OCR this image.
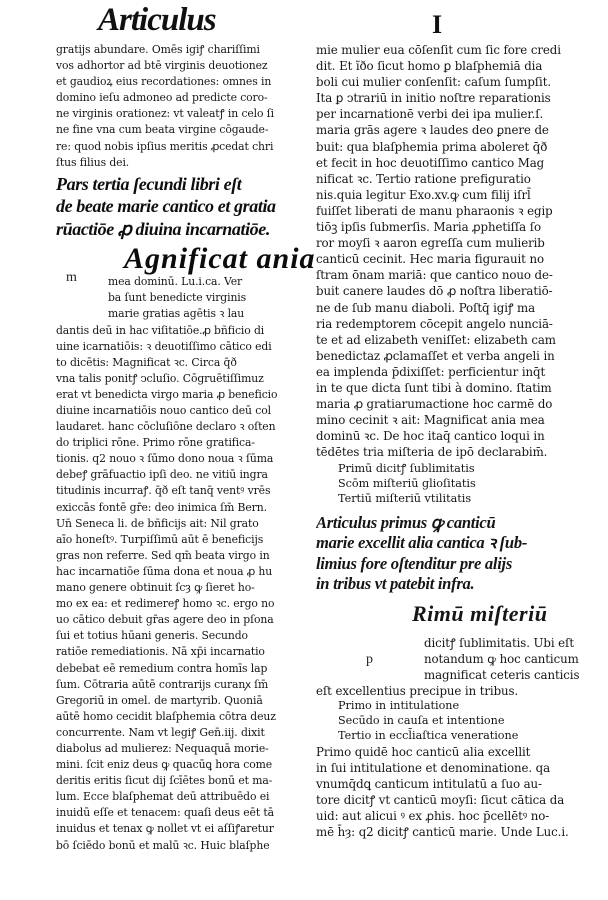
Articulus	I
gratijs abundare. Omēs igiꝭ chariſſimi
vos adhortor ad btē virginis deuotionez
et gaudioꝝ eius recordationes: omnes in
domino ieſu admoneo ad predicte coro-
ne virginis orationez: vt valeatꝭ in celo ſi
ne fine vna cum beata virgine cōgaude-
re: quod nobis ipſius meritis ꝓcedat chri
ſtus filius dei.
Pars tertia ſecundi libri eſt
de beate marie cantico et gratia
rūactiōe ꝓ diuina incarnatiōe.
Agnificat ania
mea dominū. Lu.i.ca. Ver
ba ſunt benedicte virginis
marie gratias agētis ꝛ lau
dantis deū in hac viſitatiōe.ꝓ bñficio di
uine icarnatiōis: ꝛ deuotiſſimo cātico edi
to dicētis: Magnificat ꝛc. Circa q̄ð
vna talis ponitꝭ ↄcluſio. Cōgruētiſſimuz
erat vt benedicta virgo maria ꝓ beneficio
diuine incarnatiōis nouo cantico deū col
laudaret. hanc cōcluſiōne declaro ꝛ oſten
do triplici rōne. Primo rōne gratifica-
tionis. q2 nouo ꝛ ſūmo dono noua ꝛ ſūma
debeꝭ grāfuactio ipſi deo. ne vitiū ingra
titudinis incurraꝭ. q̄ð eſt tanq̄ ventꝰ vrēs
exiccās fontē gr̄e: deo inimica ſm̄ Bern.
Un̄ Seneca li. de bñficijs ait: Nil grato
aīo honeſtꝰ. Turpiſſimū aūt ē beneficijs
gras non referre. Sed qm̄ beata virgo in
hac incarnatiōe ſūma dona et noua ꝓ hu
mano genere obtinuit ſcȝ ꝙ ſieret ho-
mo ex ea: et redimereꝭ homo ꝛc. ergo no
uo cātico debuit gr̄as agere deo in pſona
ſui et totius hūani generis. Secundo
ratiōe remediationis. Nā xp̄i incarnatio
debebat eē remedium contra homīs lap
ſum. Cōtraria aūtē contrarijs curanꭗ ſm̄
Gregoriū in omel. de martyrib. Quoniā
aūtē homo cecidit blaſphemia cōtra deuz
concurrente. Nam vt legiꝭ Gen̄.iij. dixit
diabolus ad mulierez: Nequaquā morie-
mini. ſcit eniz deus ꝙ quacūꝗ hora come
deritis eritis ſicut dij ſcīētes bonū et ma-
lum. Ecce blaſphemat deū attribuēdo ei
inuidū eſſe et tenacem: quaſi deus eēt tā
inuidus et tenax ꝙ nollet vt ei aſſiꝭaretur
bō ſciēdo bonū et malū ꝛc. Huic blaſphe
m
mie mulier eua cōſenſit cum ſic fore credi
dit. Et ĩðo ſicut homo ꝑ blaſphemiā dia
boli cui mulier conſenſit: caſum ſumpſit.
Ita ꝑ ↄtrariū in initio noſtre reparationis
per incarnationē verbi dei ipa mulier.ſ.
maria grās agere ꝛ laudes deo ꝑnere de
buit: qua blaſphemia prima aboleret q̄ð
et fecit in hoc deuotiſſimo cantico Mag
nificat ꝛc. Tertio ratione prefiguratio
nis.quia legitur Exo.xv.ꝙ cum filij iſrl̄
fuiſſet liberati de manu pharaonis ꝛ egip
tiōꝫ ipſis ſubmerſis. Maria ꝓphetiſſa ſo
ror moyſi ꝛ aaron egreſſa cum mulierib
canticū cecinit. Hec maria figurauit no
ſtram ōnam mariā: que cantico nouo de-
buit canere laudes dō ꝓ noſtra liberatiō-
ne de ſub manu diaboli. Poſtq̄ igiꝭ ma
ria redemptorem cōcepit angelo nunciā-
te et ad elizabeth veniſſet: elizabeth cam
benedictaz ꝓclamaſſet et verba angeli in
ea implenda p̄dixiſſet: perficientur inq̄t
in te que dicta ſunt tibi à domino. ſtatim
maria ꝓ gratiarumactione hoc carmē do
mino cecinit ꝛ ait: Magnificat ania mea
dominū ꝛc. De hoc itaq̄ cantico loqui in
tēdētes tria miſteria de ipō declarabim̄.
Primū dicitꝭ ſublimitatis
Scōm miſteriū glioſitatis
Tertiū miſteriū vtilitatis
Articulus primus ꝙ canticū
marie excellit alia cantica ꝛ ſub-
limius fore oſtenditur pre alijs
in tribus vt patebit infra.
Rimū miſteriū
dicitꝭ ſublimitatis. Ubi eſt
notandum ꝙ hoc canticum
magnificat ceteris canticis
eſt excellentius precipue in tribus.
Primo in intitulatione
Secūdo in cauſa et intentione
Tertio in eccl̄iaſtica veneratione
Primo quidē hoc canticū alia excellit
in ſui intitulatione et denominatione. qa
vnumq̄dꝗ canticum intitulatū a ſuo au-
tore dicitꝭ vt canticū moyſi: ſicut cātica da
uid: aut alicui ꝰ ex ꝓhis. hoc p̄cellētꝰ no-
mē h̄ȝ: q2 dicitꝭ canticū marie. Unde Luc.i.
p
